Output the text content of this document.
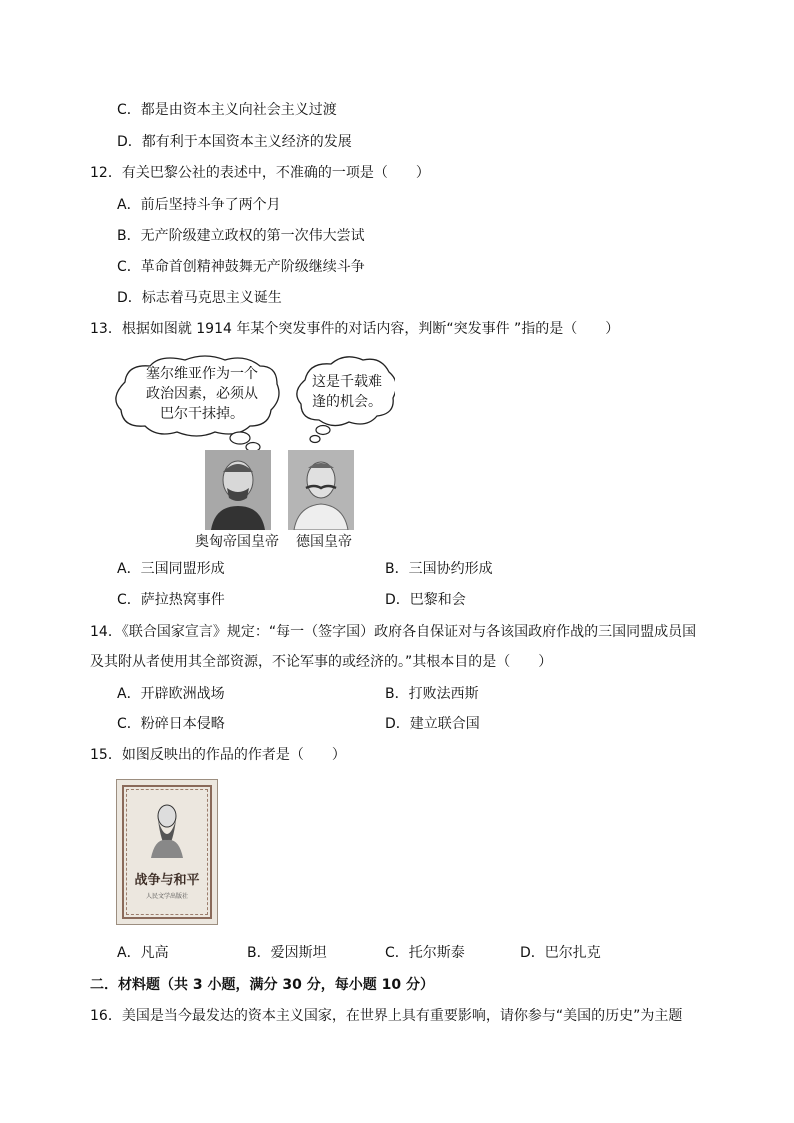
C．都是由资本主义向社会主义过渡
D．都有利于本国资本主义经济的发展
12．有关巴黎公社的表述中，不准确的一项是（　　）
A．前后坚持斗争了两个月
B．无产阶级建立政权的第一次伟大尝试
C．革命首创精神鼓舞无产阶级继续斗争
D．标志着马克思主义诞生
13．根据如图就 1914 年某个突发事件的对话内容，判断“突发事件 ”指的是（　　）
塞尔维亚作为一个
政治因素，必须从
巴尔干抹掉。
这是千载难
逢的机会。
奥匈帝国皇帝 德国皇帝
A．三国同盟形成	B．三国协约形成
C．萨拉热窝事件	D．巴黎和会
14．《联合国家宣言》规定：“每一（签字国）政府各自保证对与各该国政府作战的三国同盟成员国
及其附从者使用其全部资源，不论军事的或经济的。”其根本目的是（　　）
A．开辟欧洲战场	B．打败法西斯
C．粉碎日本侵略	D．建立联合国
15．如图反映出的作品的作者是（　　）
战争与和平
人民文学出版社
A．凡高	B．爱因斯坦	C．托尔斯泰	D．巴尔扎克
二．材料题（共 3 小题，满分 30 分，每小题 10 分）
16．美国是当今最发达的资本主义国家，在世界上具有重要影响，请你参与“美国的历史”为主题
